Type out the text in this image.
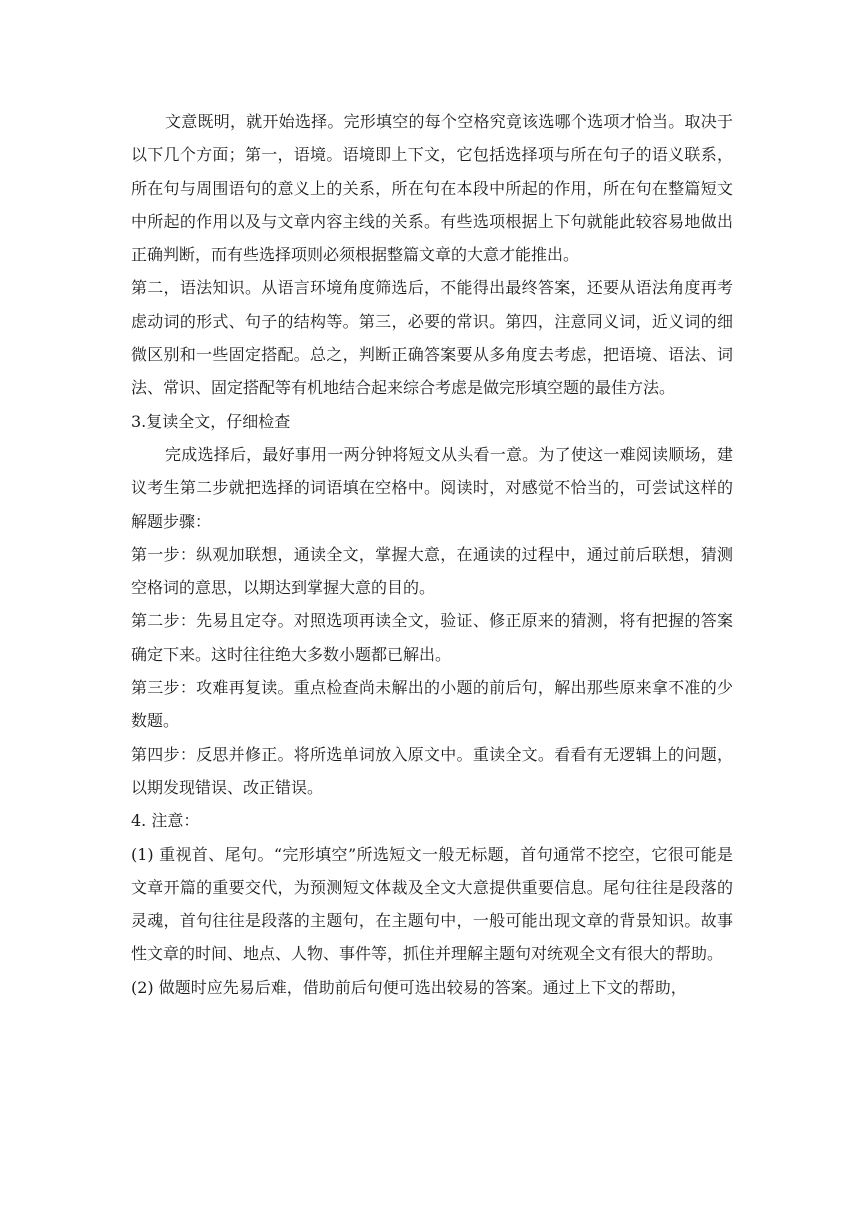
文意既明，就开始选择。完形填空的每个空格究竟该选哪个选项才恰当。取决于以下几个方面；第一，语境。语境即上下文，它包括选择项与所在句子的语义联系，所在句与周围语句的意义上的关系，所在句在本段中所起的作用，所在句在整篇短文中所起的作用以及与文章内容主线的关系。有些选项根据上下句就能此较容易地做出正确判断，而有些选择项则必须根据整篇文章的大意才能推出。

第二，语法知识。从语言环境角度筛选后，不能得出最终答案，还要从语法角度再考虑动词的形式、句子的结构等。第三，必要的常识。第四，注意同义词，近义词的细微区别和一些固定搭配。总之，判断正确答案要从多角度去考虑，把语境、语法、词法、常识、固定搭配等有机地结合起来综合考虑是做完形填空题的最佳方法。

3.复读全文，仔细检查

完成选择后，最好事用一两分钟将短文从头看一意。为了使这一难阅读顺场，建议考生第二步就把选择的词语填在空格中。阅读时，对感觉不恰当的，可尝试这样的解题步骤：

第一步：纵观加联想，通读全文，掌握大意，在通读的过程中，通过前后联想，猜测空格词的意思，以期达到掌握大意的目的。

第二步：先易且定夺。对照选项再读全文，验证、修正原来的猜测，将有把握的答案确定下来。这时往往绝大多数小题都已解出。

第三步：攻难再复读。重点检查尚未解出的小题的前后句，解出那些原来拿不准的少数题。

第四步：反思并修正。将所选单词放入原文中。重读全文。看看有无逻辑上的问题，以期发现错误、改正错误。

4. 注意：

(1) 重视首、尾句。“完形填空”所选短文一般无标题，首句通常不挖空，它很可能是文章开篇的重要交代，为预测短文体裁及全文大意提供重要信息。尾句往往是段落的灵魂，首句往往是段落的主题句，在主题句中，一般可能出现文章的背景知识。故事性文章的时间、地点、人物、事件等，抓住并理解主题句对统观全文有很大的帮助。

(2) 做题时应先易后难，借助前后句便可选出较易的答案。通过上下文的帮助，
